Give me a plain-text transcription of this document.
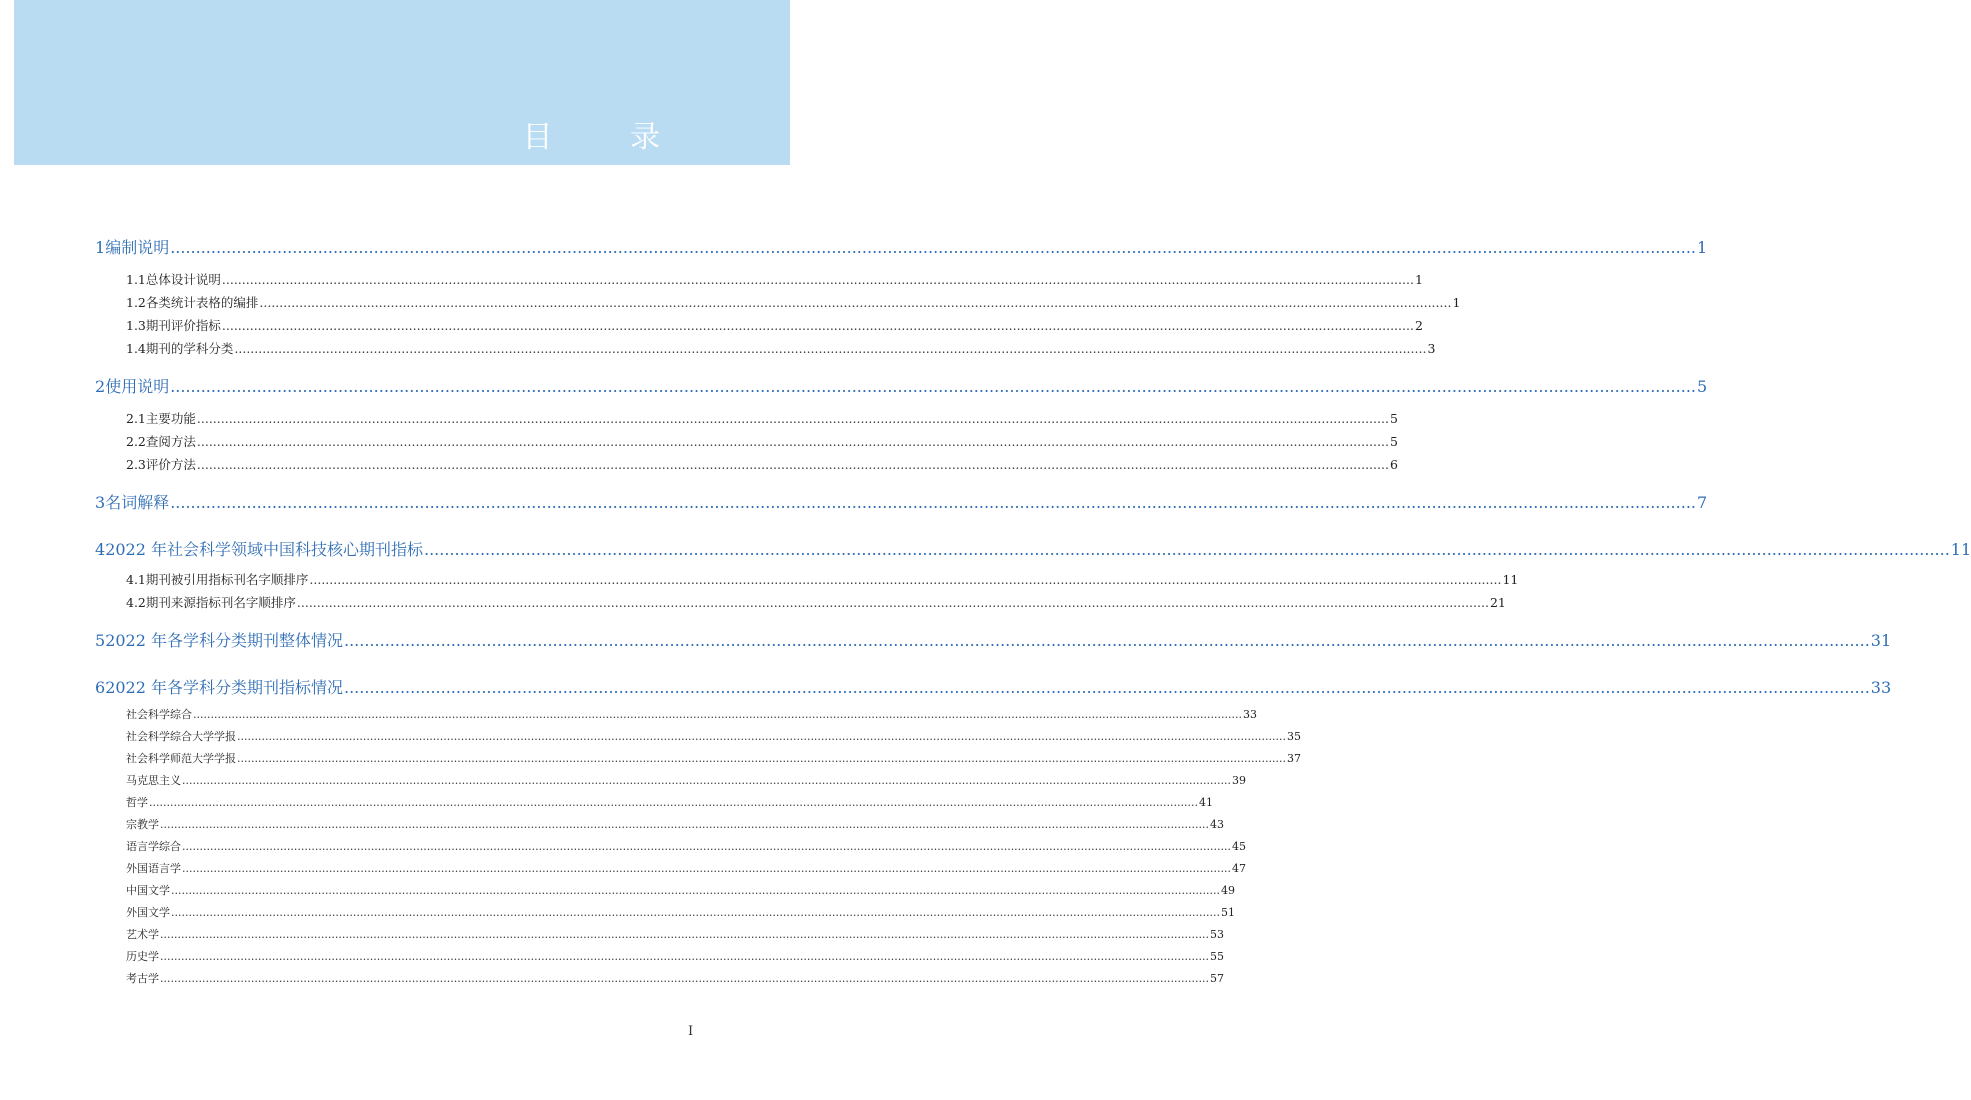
目 录
1 编制说明 ............................................................................................................................................................................................................................................................................................................ 1
1.1 总体设计说明 ............................................................................................................................................................................................................................................................................................................ 1
1.2 各类统计表格的编排 ............................................................................................................................................................................................................................................................................................................ 1
1.3 期刊评价指标 ............................................................................................................................................................................................................................................................................................................ 2
1.4 期刊的学科分类 ............................................................................................................................................................................................................................................................................................................ 3
2 使用说明 ............................................................................................................................................................................................................................................................................................................ 5
2.1 主要功能 ............................................................................................................................................................................................................................................................................................................ 5
2.2 查阅方法 ............................................................................................................................................................................................................................................................................................................ 5
2.3 评价方法 ............................................................................................................................................................................................................................................................................................................ 6
3 名词解释 ............................................................................................................................................................................................................................................................................................................ 7
4 2022 年社会科学领域中国科技核心期刊指标 ............................................................................................................................................................................................................................................................................................................ 11
4.1 期刊被引用指标刊名字顺排序 ............................................................................................................................................................................................................................................................................................................ 11
4.2 期刊来源指标刊名字顺排序 ............................................................................................................................................................................................................................................................................................................ 21
5 2022 年各学科分类期刊整体情况 ............................................................................................................................................................................................................................................................................................................ 31
6 2022 年各学科分类期刊指标情况 ............................................................................................................................................................................................................................................................................................................ 33
社会科学综合 ............................................................................................................................................................................................................................................................................................................ 33
社会科学综合大学学报 ............................................................................................................................................................................................................................................................................................................ 35
社会科学师范大学学报 ............................................................................................................................................................................................................................................................................................................ 37
马克思主义 ............................................................................................................................................................................................................................................................................................................ 39
哲学 ............................................................................................................................................................................................................................................................................................................ 41
宗教学 ............................................................................................................................................................................................................................................................................................................ 43
语言学综合 ............................................................................................................................................................................................................................................................................................................ 45
外国语言学 ............................................................................................................................................................................................................................................................................................................ 47
中国文学 ............................................................................................................................................................................................................................................................................................................ 49
外国文学 ............................................................................................................................................................................................................................................................................................................ 51
艺术学 ............................................................................................................................................................................................................................................................................................................ 53
历史学 ............................................................................................................................................................................................................................................................................................................ 55
考古学 ............................................................................................................................................................................................................................................................................................................ 57
I
